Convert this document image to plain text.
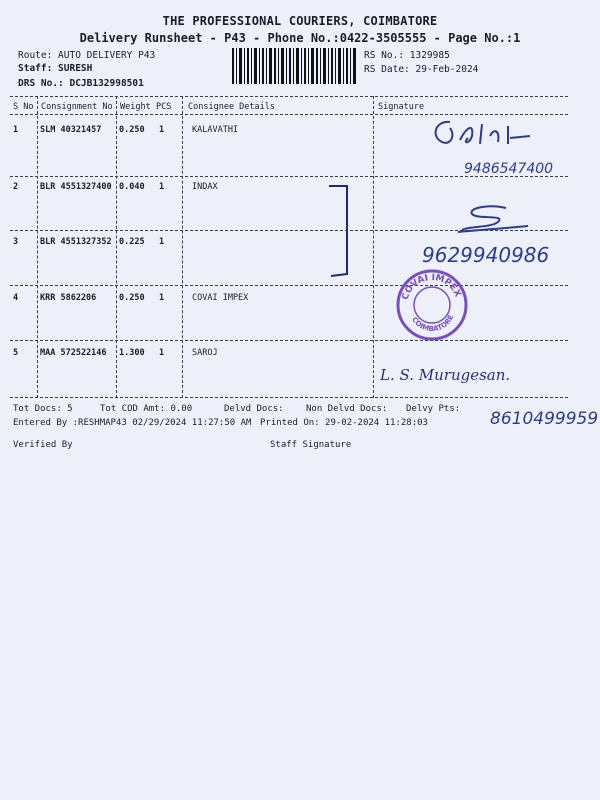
THE PROFESSIONAL COURIERS, COIMBATORE
Delivery Runsheet - P43 - Phone No.:0422-3505555 - Page No.:1
Route: AUTO DELIVERY P43
Staff: SURESH
DRS No.: DCJB132998501
RS No.: 1329985
RS Date: 29-Feb-2024
S No Consignment No Weight PCS Consignee Details	Signature
1	SLM 40321457 0.250 1	KALAVATHI
2	BLR 4551327400 0.040 1	INDAX
3	BLR 4551327352 0.225 1
4	KRR 5862206	0.250 1	COVAI IMPEX
5	MAA 572522146 1.300 1	SAROJ
9486547400
9629940986
COVAI IMPEX
COIMBATORE
L. S. Murugesan.
Tot Docs: 5	Tot COD Amt: 0.00	Delvd Docs: Non Delvd Docs: Delvy Pts:
Entered By :RESHMAP43 02/29/2024 11:27:50 AM Printed On: 29-02-2024 11:28:03	8610499959
Verified By	Staff Signature
